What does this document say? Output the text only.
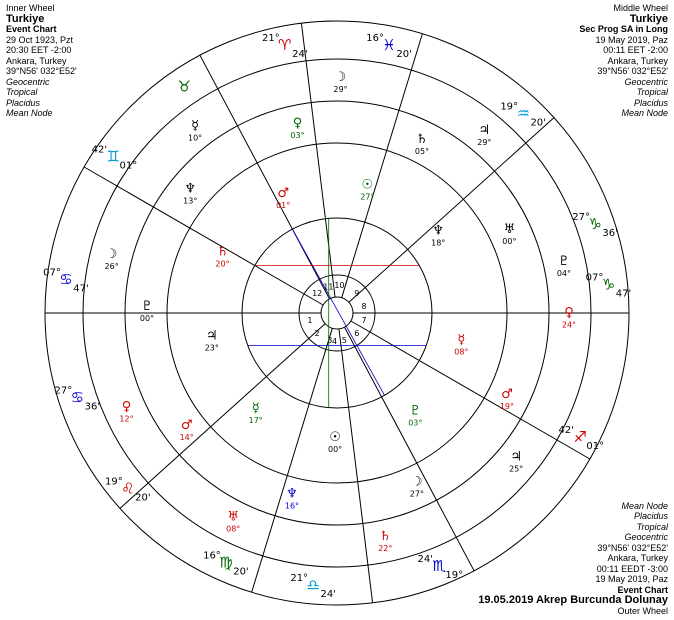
Inner Wheel
Turkiye
Event Chart
29 Oct 1923, Pzt
20:30 EET -2:00
Ankara, Turkey
39°N56' 032°E52'
Geocentric
Tropical
Placidus
Mean Node
Middle Wheel
Turkiye
Sec Prog SA in Long
19 May 2019, Paz
00:11 EET -2:00
Ankara, Turkey
39°N56' 032°E52'
Geocentric
Tropical
Placidus
Mean Node
Mean Node
Placidus
Tropical
Geocentric
39°N56' 032°E52'
Ankara, Turkey
00:11 EEDT -3:00
19 May 2019, Paz
Event Chart
19.05.2019 Akrep Burcunda Dolunay
Outer Wheel
21°
♈
24'
16°
♓
20'
19°
♒
20'
27°
♑
36'
07°
♑
47'
42' ♐
01°
24' ♏
19°
21°
♎
24'
16°
♍
20'
19°
♌
20'
27°
♋
36'
07°
♋
47'
42' ♊
01°
♉
1
2
3 4 5
6
7
8
9
10
11
12
♇
04°
♅
00°
♆
18°
♃
29°
♄
05°
☉
27°
☽
29°
♀
03°
♂
01°
☿
10°
♆
13°
♄
20°
☽
26°
♇
00°
♃
23°
♀
12°	♂
14°
☿
17°
♅
08°
♆
16°
☉
00°
♄
22°
☽
27°
♇
03°
♃
25°
♂
19°
☿
08°
♀
24°
